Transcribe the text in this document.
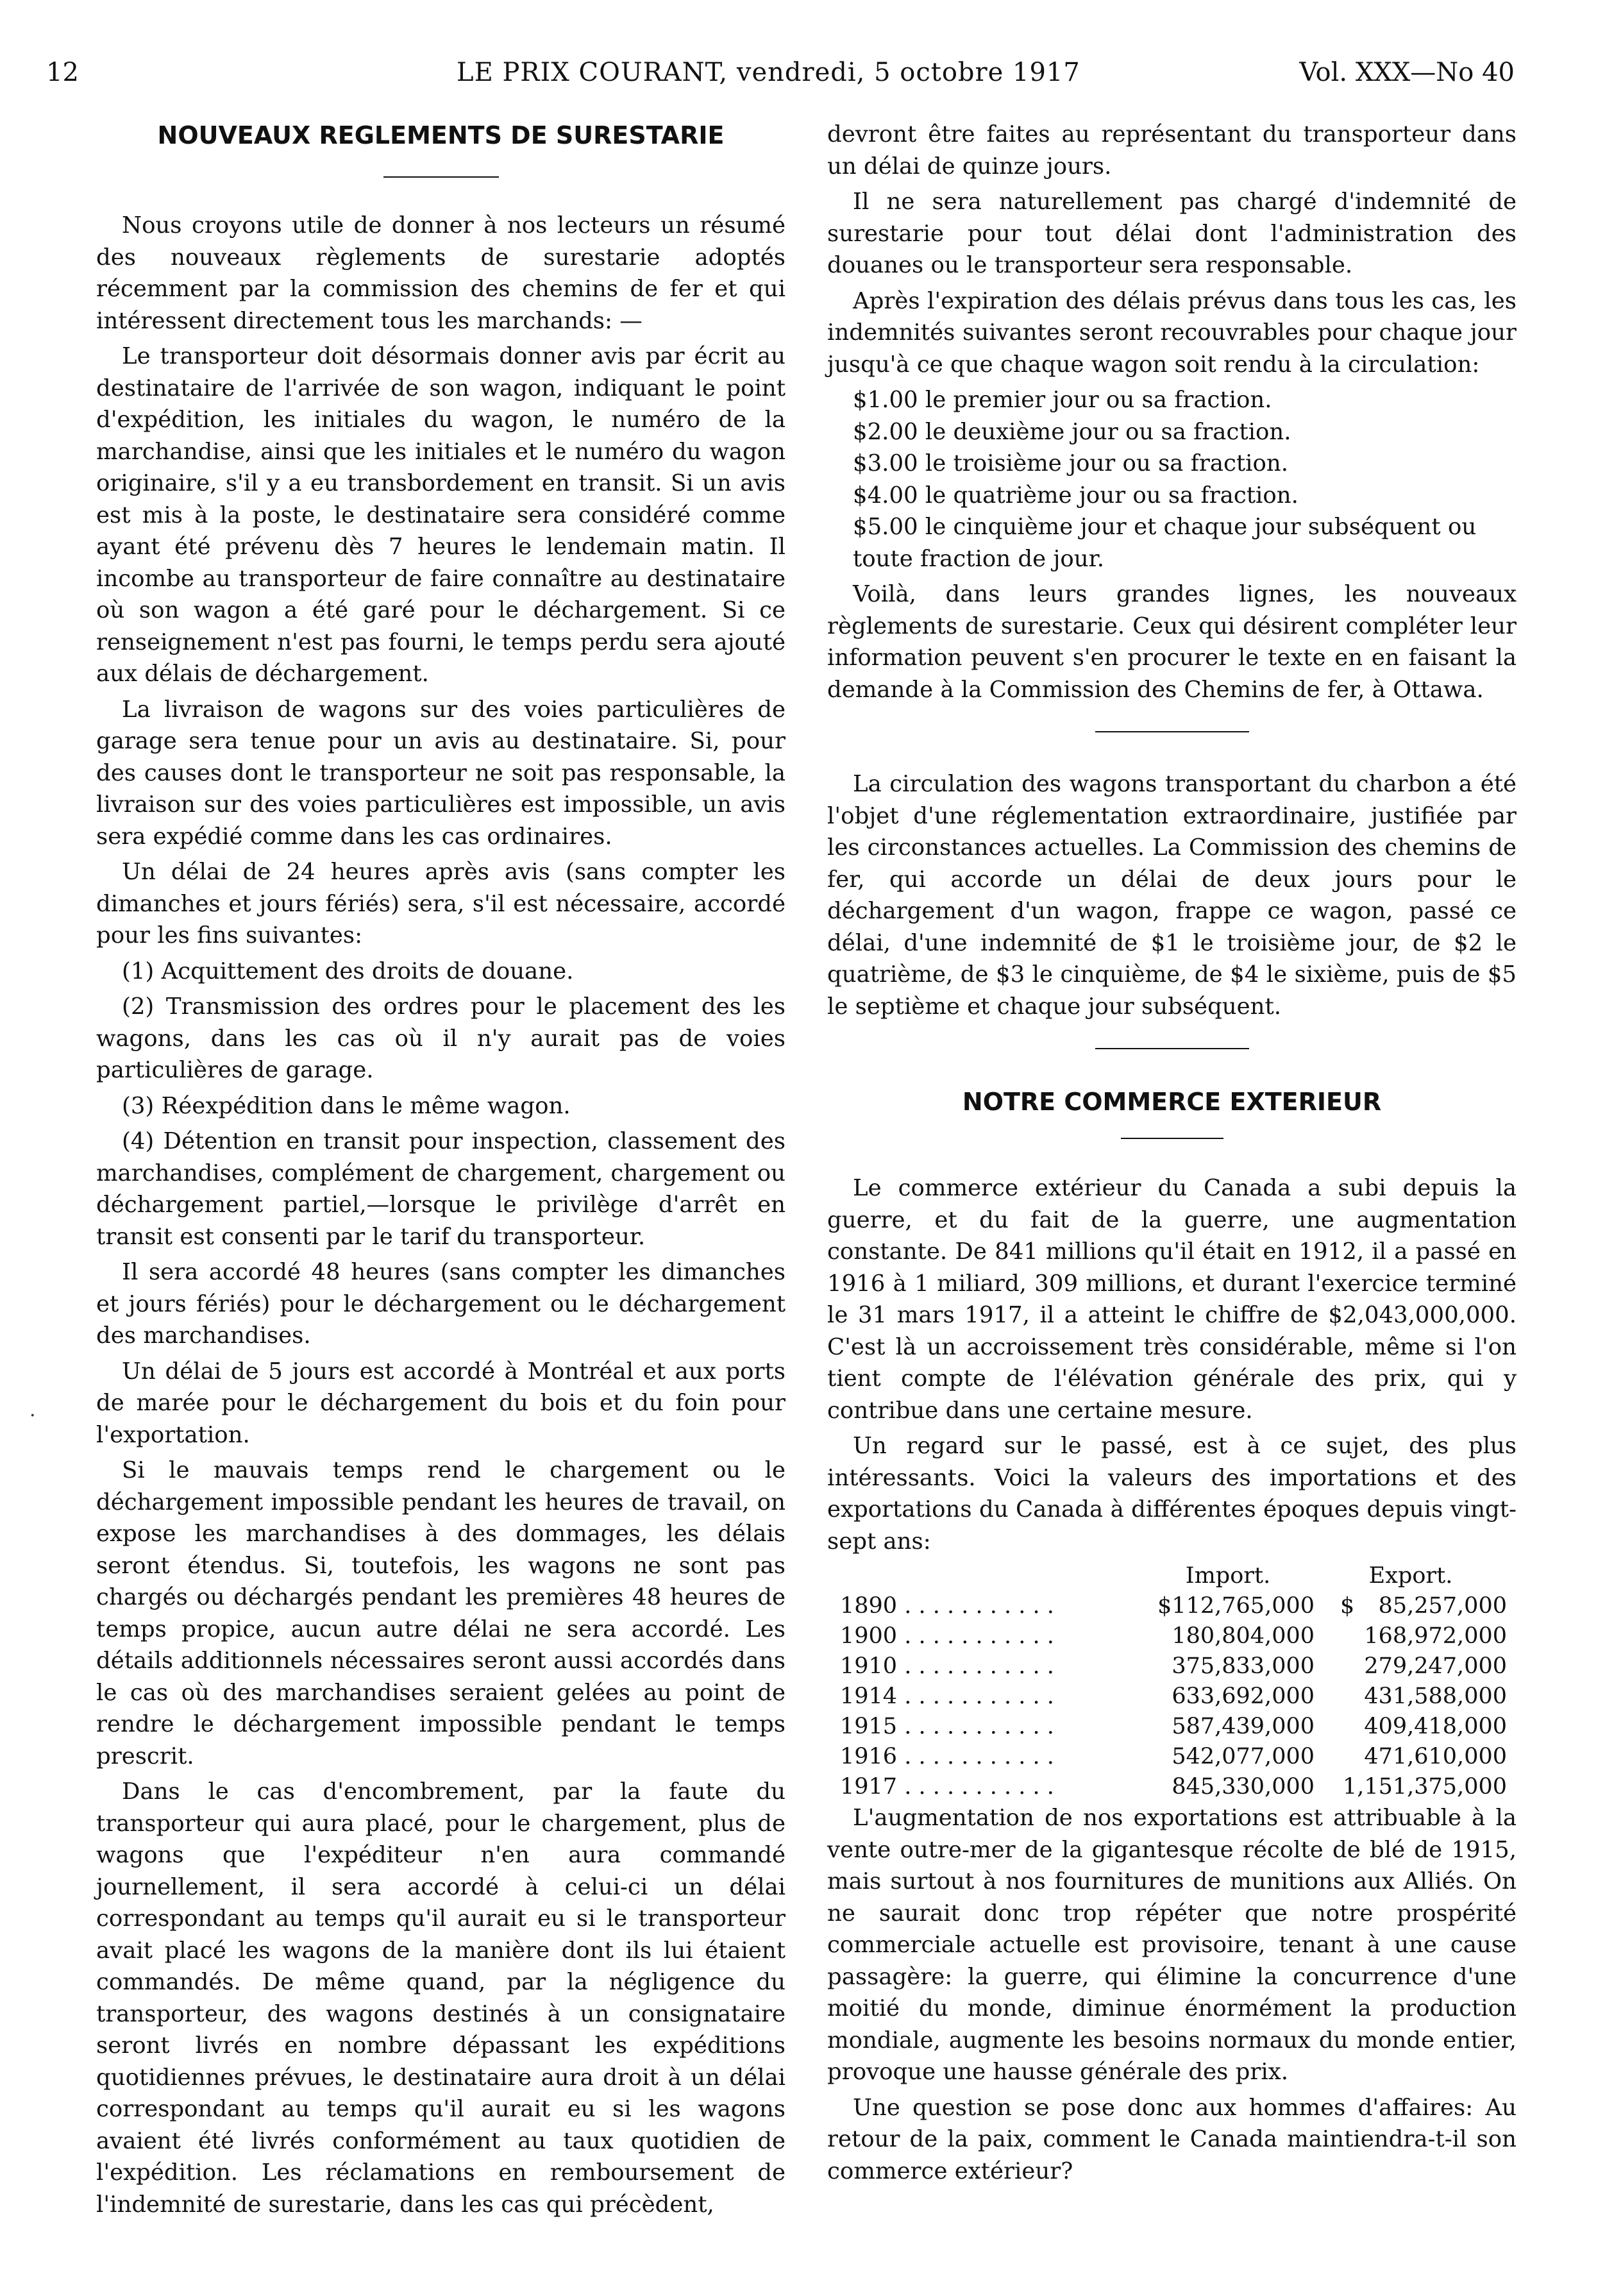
12	LE PRIX COURANT, vendredi, 5 octobre 1917	Vol. XXX—No 40
NOUVEAUX REGLEMENTS DE SURESTARIE

Nous croyons utile de donner à nos lecteurs un résumé des nouveaux règlements de surestarie adoptés récemment par la commission des chemins de fer et qui intéressent directement tous les marchands: —

Le transporteur doit désormais donner avis par écrit au destinataire de l'arrivée de son wagon, indiquant le point d'expédition, les initiales du wagon, le numéro de la marchandise, ainsi que les initiales et le numéro du wagon originaire, s'il y a eu transbordement en transit. Si un avis est mis à la poste, le destinataire sera considéré comme ayant été prévenu dès 7 heures le lendemain matin. Il incombe au transporteur de faire connaître au destinataire où son wagon a été garé pour le déchargement. Si ce renseignement n'est pas fourni, le temps perdu sera ajouté aux délais de déchargement.

La livraison de wagons sur des voies particulières de garage sera tenue pour un avis au destinataire. Si, pour des causes dont le transporteur ne soit pas responsable, la livraison sur des voies particulières est impossible, un avis sera expédié comme dans les cas ordinaires.

Un délai de 24 heures après avis (sans compter les dimanches et jours fériés) sera, s'il est nécessaire, accordé pour les fins suivantes:

(1) Acquittement des droits de douane.

(2) Transmission des ordres pour le placement des les wagons, dans les cas où il n'y aurait pas de voies particulières de garage.

(3) Réexpédition dans le même wagon.

(4) Détention en transit pour inspection, classement des marchandises, complément de chargement, chargement ou déchargement partiel,—lorsque le privilège d'arrêt en transit est consenti par le tarif du transporteur.

Il sera accordé 48 heures (sans compter les dimanches et jours fériés) pour le déchargement ou le déchargement des marchandises.

Un délai de 5 jours est accordé à Montréal et aux ports de marée pour le déchargement du bois et du foin pour l'exportation.

Si le mauvais temps rend le chargement ou le déchargement impossible pendant les heures de travail, on expose les marchandises à des dommages, les délais seront étendus. Si, toutefois, les wagons ne sont pas chargés ou déchargés pendant les premières 48 heures de temps propice, aucun autre délai ne sera accordé. Les détails additionnels nécessaires seront aussi accordés dans le cas où des marchandises seraient gelées au point de rendre le déchargement impossible pendant le temps prescrit.

Dans le cas d'encombrement, par la faute du transporteur qui aura placé, pour le chargement, plus de wagons que l'expéditeur n'en aura commandé journellement, il sera accordé à celui-ci un délai correspondant au temps qu'il aurait eu si le transporteur avait placé les wagons de la manière dont ils lui étaient commandés. De même quand, par la négligence du transporteur, des wagons destinés à un consignataire seront livrés en nombre dépassant les expéditions quotidiennes prévues, le destinataire aura droit à un délai correspondant au temps qu'il aurait eu si les wagons avaient été livrés conformément au taux quotidien de l'expédition. Les réclamations en remboursement de l'indemnité de surestarie, dans les cas qui précèdent,

devront être faites au représentant du transporteur dans un délai de quinze jours.

Il ne sera naturellement pas chargé d'indemnité de surestarie pour tout délai dont l'administration des douanes ou le transporteur sera responsable.

Après l'expiration des délais prévus dans tous les cas, les indemnités suivantes seront recouvrables pour chaque jour jusqu'à ce que chaque wagon soit rendu à la circulation:

$1.00 le premier jour ou sa fraction.
$2.00 le deuxième jour ou sa fraction.
$3.00 le troisième jour ou sa fraction.
$4.00 le quatrième jour ou sa fraction.
$5.00 le cinquième jour et chaque jour subséquent ou toute fraction de jour.

Voilà, dans leurs grandes lignes, les nouveaux règlements de surestarie. Ceux qui désirent compléter leur information peuvent s'en procurer le texte en en faisant la demande à la Commission des Chemins de fer, à Ottawa.

La circulation des wagons transportant du charbon a été l'objet d'une réglementation extraordinaire, justifiée par les circonstances actuelles. La Commission des chemins de fer, qui accorde un délai de deux jours pour le déchargement d'un wagon, frappe ce wagon, passé ce délai, d'une indemnité de $1 le troisième jour, de $2 le quatrième, de $3 le cinquième, de $4 le sixième, puis de $5 le septième et chaque jour subséquent.

NOTRE COMMERCE EXTERIEUR

Le commerce extérieur du Canada a subi depuis la guerre, et du fait de la guerre, une augmentation constante. De 841 millions qu'il était en 1912, il a passé en 1916 à 1 miliard, 309 millions, et durant l'exercice terminé le 31 mars 1917, il a atteint le chiffre de $2,043,000,000. C'est là un accroissement très considérable, même si l'on tient compte de l'élévation générale des prix, qui y contribue dans une certaine mesure.

Un regard sur le passé, est à ce sujet, des plus intéressants. Voici la valeurs des importations et des exportations du Canada à différentes époques depuis vingt-sept ans:

	Import.	Export.
1890 . . . . . . . . . . .	$112,765,000	$ 85,257,000
1900 . . . . . . . . . . .	180,804,000	168,972,000
1910 . . . . . . . . . . .	375,833,000	279,247,000
1914 . . . . . . . . . . .	633,692,000	431,588,000
1915 . . . . . . . . . . .	587,439,000	409,418,000
1916 . . . . . . . . . . .	542,077,000	471,610,000
1917 . . . . . . . . . . .	845,330,000	1,151,375,000

L'augmentation de nos exportations est attribuable à la vente outre-mer de la gigantesque récolte de blé de 1915, mais surtout à nos fournitures de munitions aux Alliés. On ne saurait donc trop répéter que notre prospérité commerciale actuelle est provisoire, tenant à une cause passagère: la guerre, qui élimine la concurrence d'une moitié du monde, diminue énormément la production mondiale, augmente les besoins normaux du monde entier, provoque une hausse générale des prix.

Une question se pose donc aux hommes d'affaires: Au retour de la paix, comment le Canada maintiendra-t-il son commerce extérieur?

·
